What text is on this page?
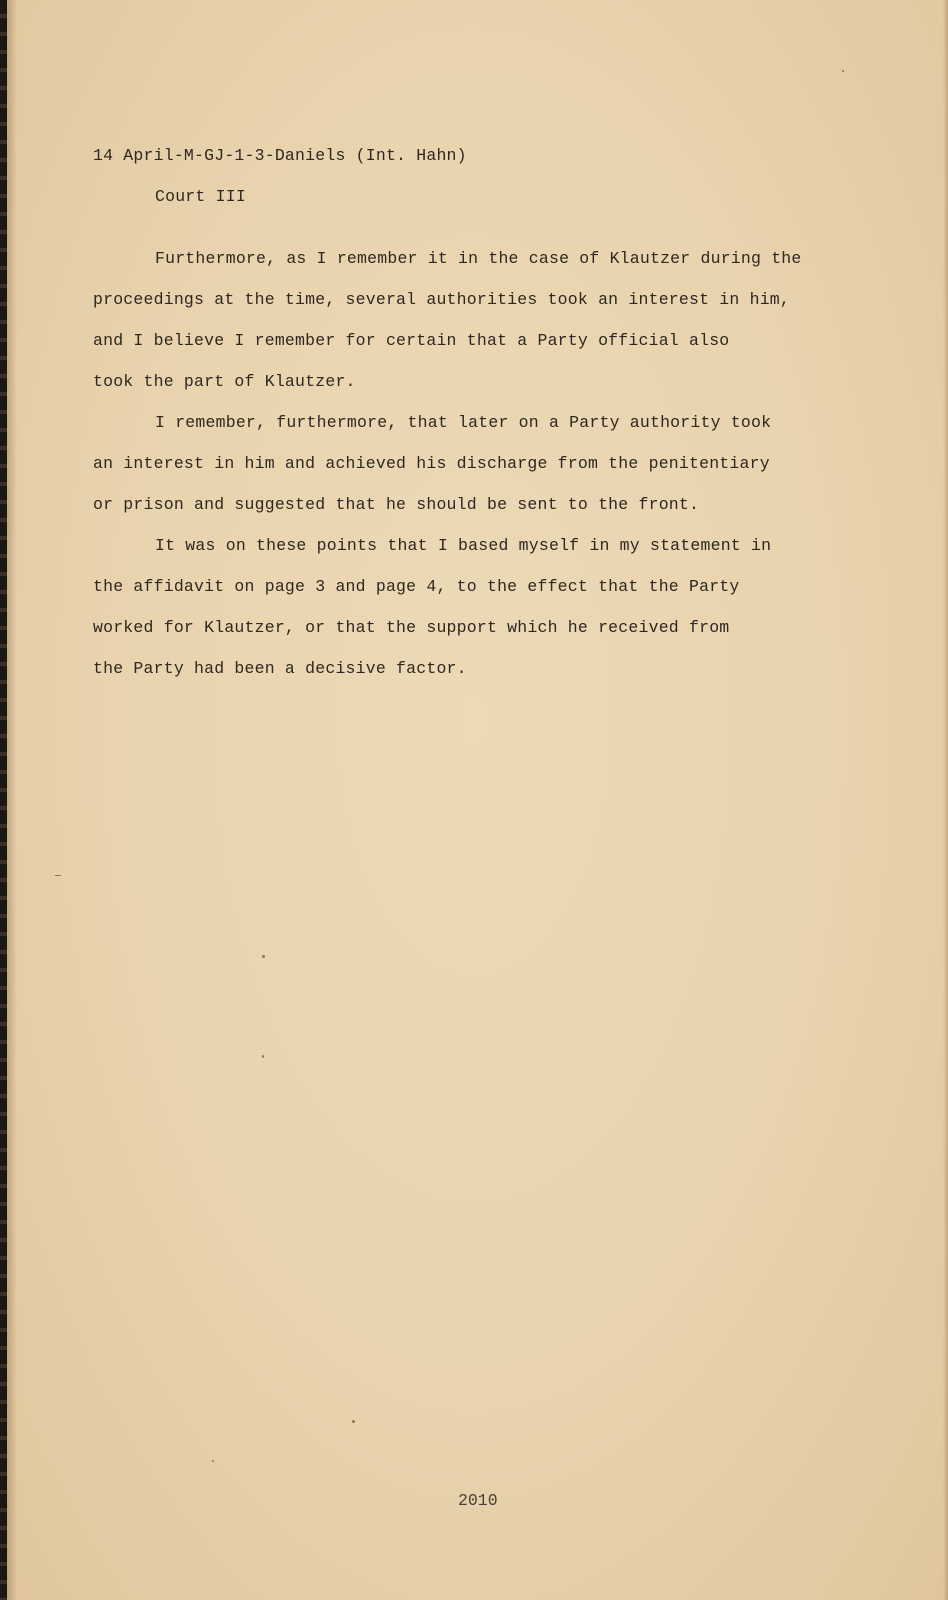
14 April-M-GJ-1-3-Daniels (Int. Hahn)
Court III
Furthermore, as I remember it in the case of Klautzer during the
proceedings at the time, several authorities took an interest in him,
and I believe I remember for certain that a Party official also
took the part of Klautzer.
I remember, furthermore, that later on a Party authority took
an interest in him and achieved his discharge from the penitentiary
or prison and suggested that he should be sent to the front.
It was on these points that I based myself in my statement in
the affidavit on page 3 and page 4, to the effect that the Party
worked for Klautzer, or that the support which he received from
the Party had been a decisive factor.
2010
